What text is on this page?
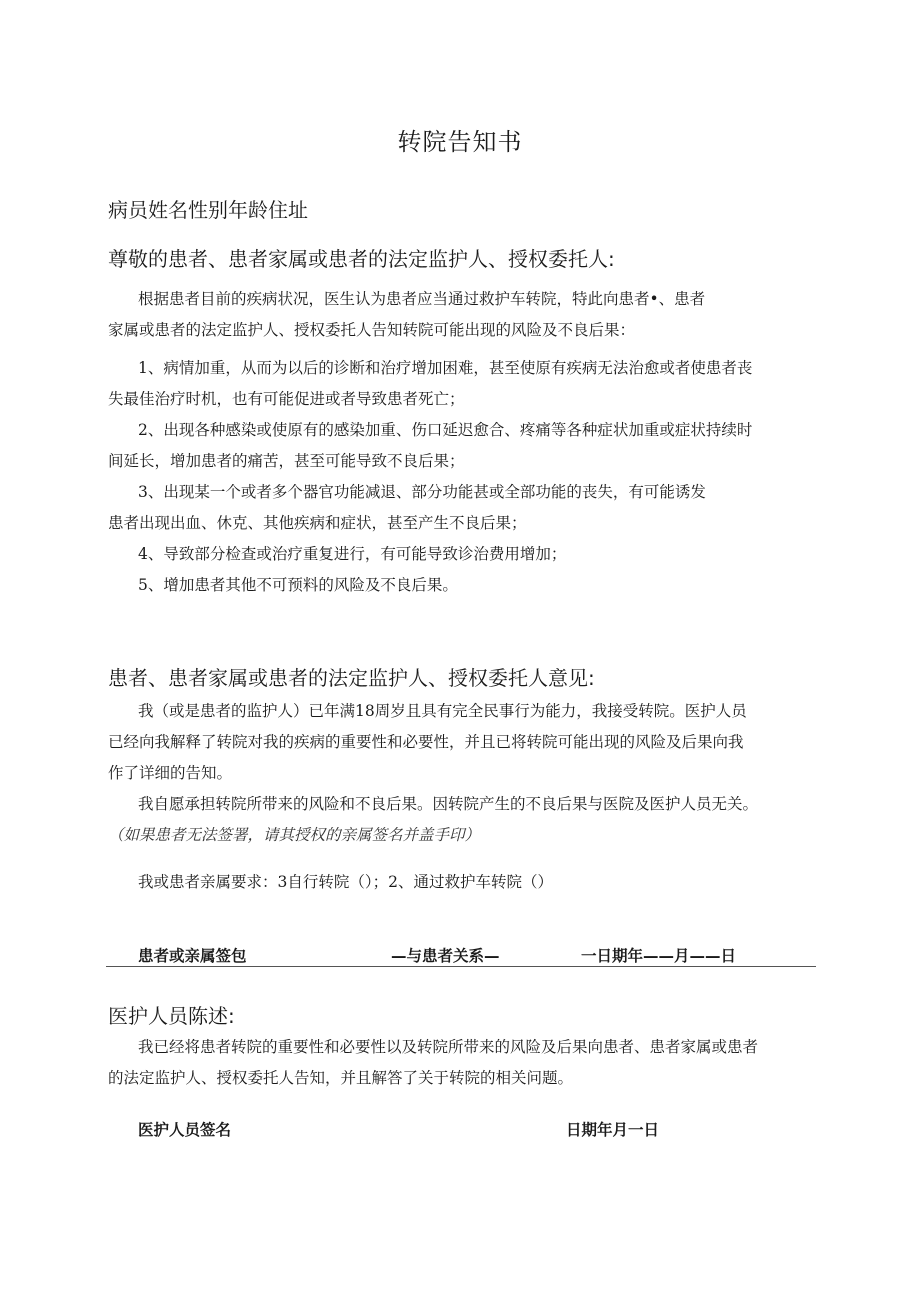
转院告知书
病员姓名性别年龄住址
尊敬的患者、患者家属或患者的法定监护人、授权委托人:

根据患者目前的疾病状况，医生认为患者应当通过救护车转院，特此向患者•、患者

家属或患者的法定监护人、授权委托人告知转院可能出现的风险及不良后果：

1、病情加重，从而为以后的诊断和治疗增加困难，甚至使原有疾病无法治愈或者使患者丧

失最佳治疗时机，也有可能促进或者导致患者死亡；

2、出现各种感染或使原有的感染加重、伤口延迟愈合、疼痛等各种症状加重或症状持续时

间延长，增加患者的痛苦，甚至可能导致不良后果；

3、出现某一个或者多个器官功能减退、部分功能甚或全部功能的丧失，有可能诱发

患者出现出血、休克、其他疾病和症状，甚至产生不良后果；

4、导致部分检查或治疗重复进行，有可能导致诊治费用增加；

5、增加患者其他不可预料的风险及不良后果。

患者、患者家属或患者的法定监护人、授权委托人意见:

我（或是患者的监护人）已年满18周岁且具有完全民事行为能力，我接受转院。医护人员

已经向我解释了转院对我的疾病的重要性和必要性，并且已将转院可能出现的风险及后果向我

作了详细的告知。

我自愿承担转院所带来的风险和不良后果。因转院产生的不良后果与医院及医护人员无关。

（如果患者无法签署，请其授权的亲属签名并盖手印）

我或患者亲属要求：3自行转院（）；2、通过救护车转院（）

患者或亲属签包	—与患者关系—	一日期年——月——日
医护人员陈述:

我已经将患者转院的重要性和必要性以及转院所带来的风险及后果向患者、患者家属或患者

的法定监护人、授权委托人告知，并且解答了关于转院的相关问题。

医护人员签名	日期年月一日
